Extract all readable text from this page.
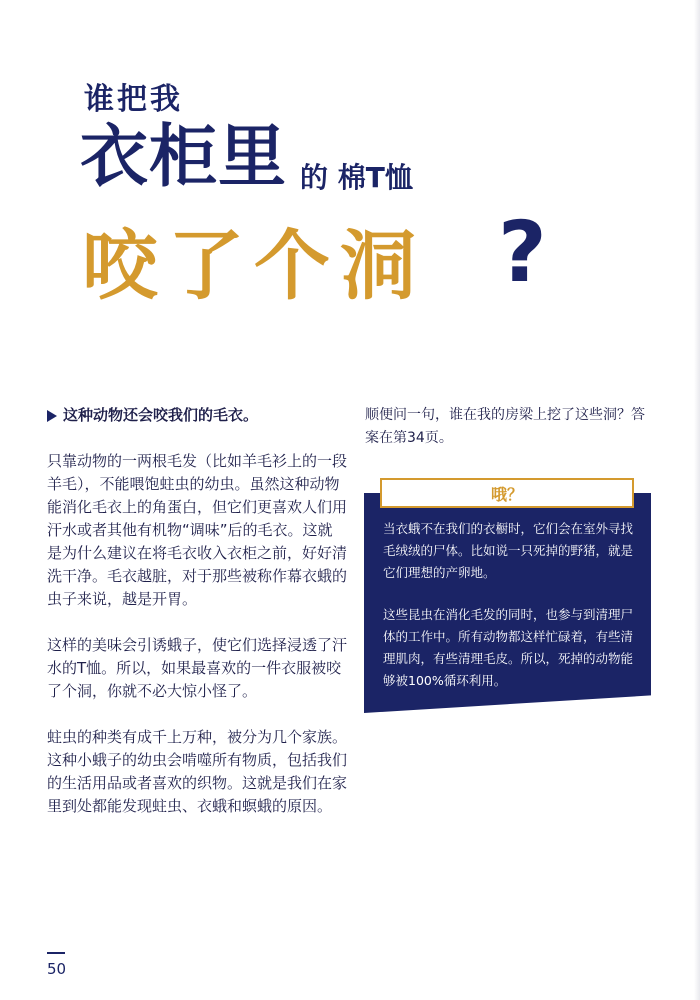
谁把我
衣柜里 的 棉T恤
咬了个洞 ?
这种动物还会咬我们的毛衣。

只靠动物的一两根毛发（比如羊毛衫上的一段羊毛），不能喂饱蛀虫的幼虫。虽然这种动物能消化毛衣上的角蛋白，但它们更喜欢人们用汗水或者其他有机物“调味”后的毛衣。这就是为什么建议在将毛衣收入衣柜之前，好好清洗干净。毛衣越脏，对于那些被称作幕衣蛾的虫子来说，越是开胃。

这样的美味会引诱蛾子，使它们选择浸透了汗水的T恤。所以，如果最喜欢的一件衣服被咬了个洞，你就不必大惊小怪了。

蛀虫的种类有成千上万种，被分为几个家族。这种小蛾子的幼虫会啃噬所有物质，包括我们的生活用品或者喜欢的织物。这就是我们在家里到处都能发现蛀虫、衣蛾和螟蛾的原因。

顺便问一句，谁在我的房梁上挖了这些洞？答案在第34页。

哦？

当衣蛾不在我们的衣橱时，它们会在室外寻找毛绒绒的尸体。比如说一只死掉的野猪，就是它们理想的产卵地。

这些昆虫在消化毛发的同时，也参与到清理尸体的工作中。所有动物都这样忙碌着，有些清理肌肉，有些清理毛皮。所以，死掉的动物能够被100%循环利用。

50
